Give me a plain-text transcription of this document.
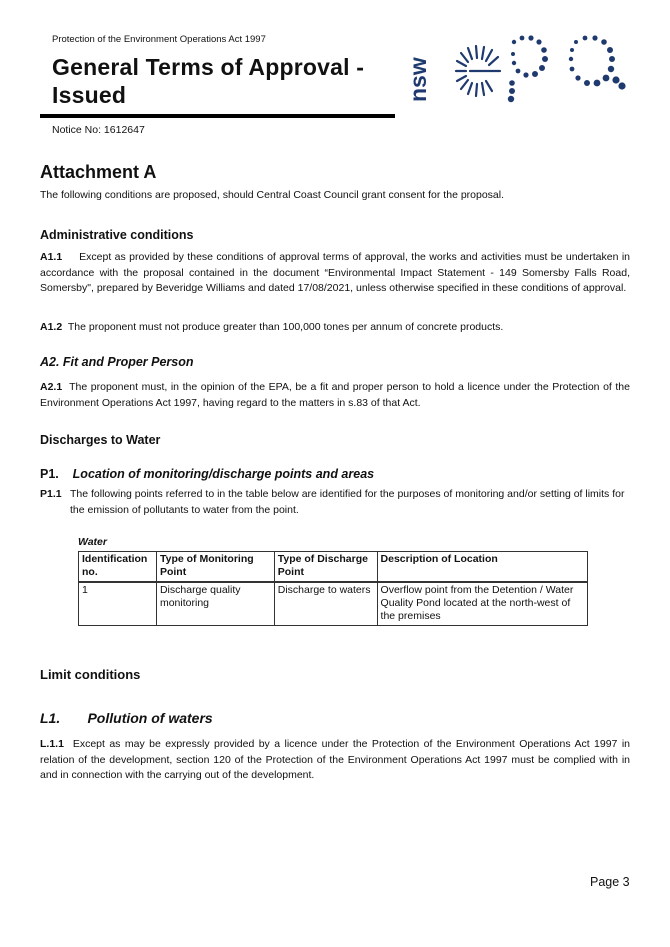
Protection of the Environment Operations Act 1997
General Terms of Approval -
Issued
Notice No: 1612647
nsw
Attachment A
The following conditions are proposed, should Central Coast Council grant consent for the proposal.
Administrative conditions
A1.1 Except as provided by these conditions of approval terms of approval, the works and activities must be undertaken in accordance with the proposal contained in the document “Environmental Impact Statement - 149 Somersby Falls Road, Somersby", prepared by Beveridge Williams and dated 17/08/2021, unless otherwise specified in these conditions of approval.
A1.2 The proponent must not produce greater than 100,000 tones per annum of concrete products.
A2. Fit and Proper Person
A2.1 The proponent must, in the opinion of the EPA, be a fit and proper person to hold a licence under the Protection of the Environment Operations Act 1997, having regard to the matters in s.83 of that Act.
Discharges to Water
P1. Location of monitoring/discharge points and areas
P1.1 The following points referred to in the table below are identified for the purposes of monitoring and/or setting of limits for the emission of pollutants to water from the point.
Water
Identification no.	Type of Monitoring Point	Type of Discharge Point	Description of Location
1	Discharge quality monitoring	Discharge to waters	Overflow point from the Detention / Water Quality Pond located at the north-west of the premises
Limit conditions
L1. Pollution of waters
L.1.1 Except as may be expressly provided by a licence under the Protection of the Environment Operations Act 1997 in relation of the development, section 120 of the Protection of the Environment Operations Act 1997 must be complied with in and in connection with the carrying out of the development.
Page 3
